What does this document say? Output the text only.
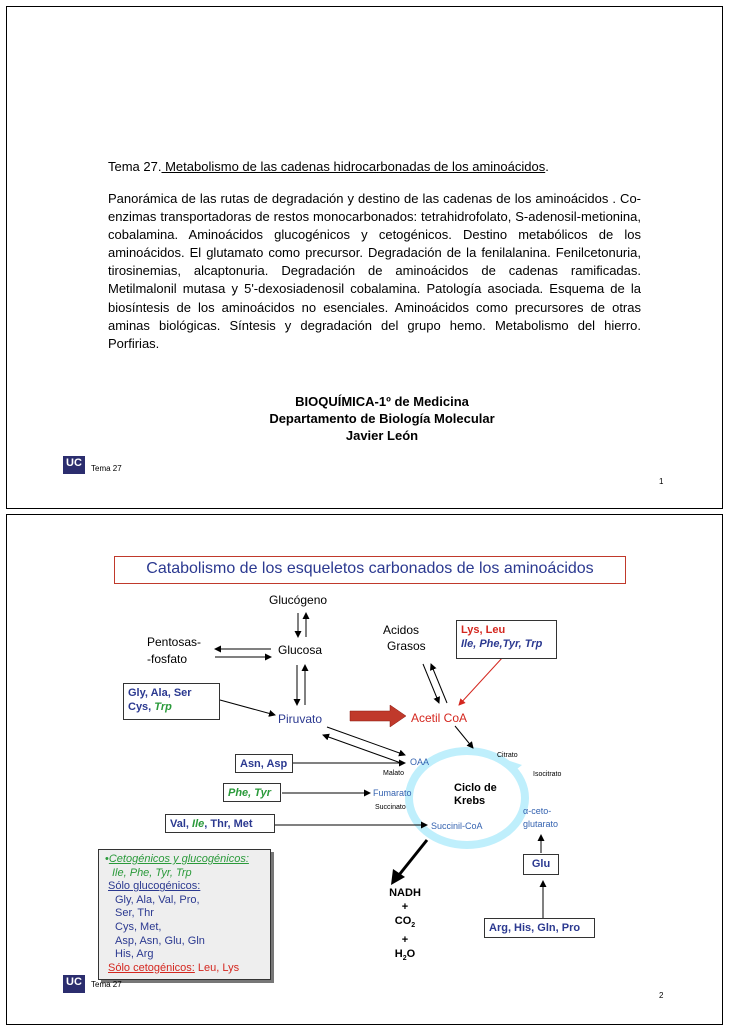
Tema 27. Metabolismo de las cadenas hidrocarbonadas de los aminoácidos.
Panorámica de las rutas de degradación y destino de las cadenas de los aminoácidos . Co-enzimas transportadoras de restos monocarbonados: tetrahidrofolato, S-adenosil-metionina, cobalamina. Aminoácidos glucogénicos y cetogénicos. Destino metabólicos de los aminoácidos. El glutamato como precursor. Degradación de la fenilalanina. Fenilcetonuria, tirosinemias, alcaptonuria. Degradación de aminoácidos de cadenas ramificadas. Metilmalonil mutasa y 5'-dexosiadenosil cobalamina. Patología asociada. Esquema de la biosíntesis de los aminoácidos no esenciales. Aminoácidos como precursores de otras aminas biológicas. Síntesis y degradación del grupo hemo. Metabolismo del hierro. Porfirias.
BIOQUÍMICA-1º de Medicina
Departamento de Biología Molecular
Javier León
UC
	Tema 27
1
Catabolismo de los esqueletos carbonados de los aminoácidos
Glucógeno
Pentosas-
-fosfato
Glucosa
Acidos
Grasos
Lys, Leu
Ile, Phe,Tyr, Trp
Gly, Ala, Ser
Cys, Trp
Piruvato	Acetil CoA
Asn, Asp	OAA
Citrato
Malato	Isocitrato
Phe, Tyr	Fumarato	Ciclo de
Krebs
Succinato	α-ceto-
glutarato
Val, Ile, Thr, Met	Succinil-CoA
Glu
•Cetogénicos y glucogénicos:
Ile, Phe, Tyr, Trp
Sólo glucogénicos:
Gly, Ala, Val, Pro,
Ser, Thr
Cys, Met,
Asp, Asn, Glu, Gln
His, Arg
Sólo cetogénicos: Leu, Lys
NADH
+
$CO_2$
+
$H_2O$
Arg, His, Gln, Pro
UC
	Tema 27
2
